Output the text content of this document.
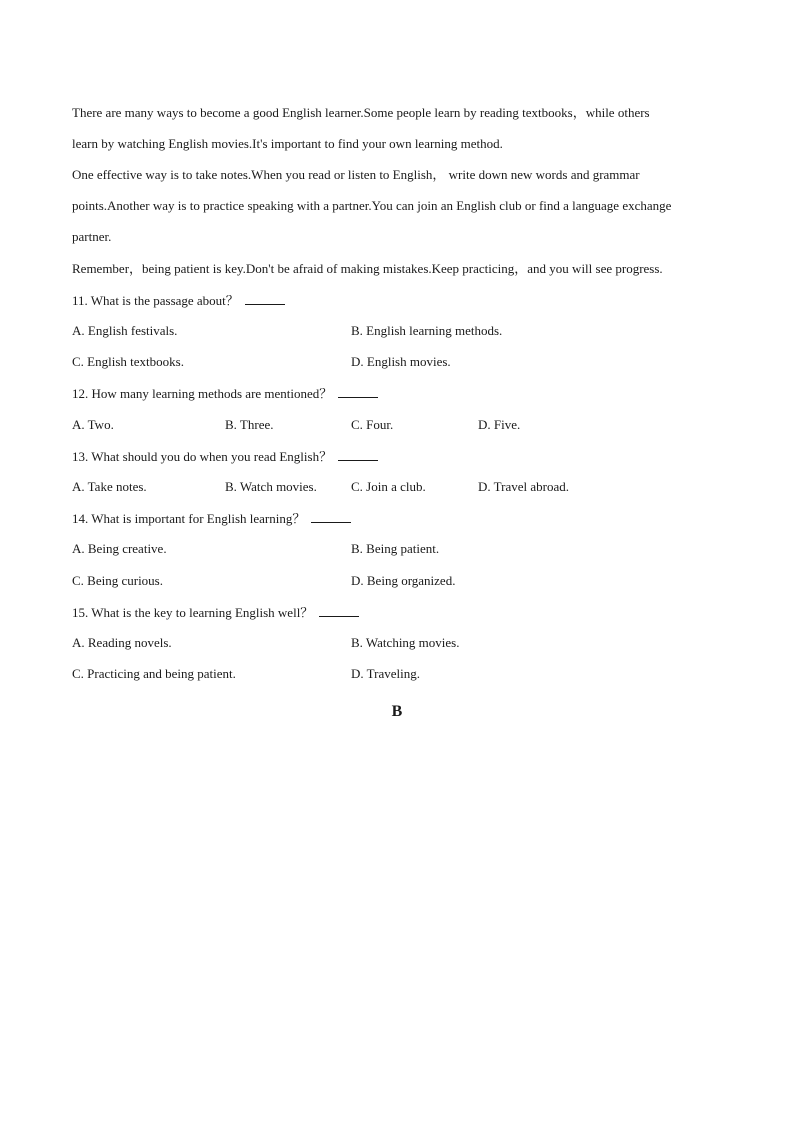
There are many ways to become a good English learner.Some people learn by reading textbooks，while others
learn by watching English movies.It's important to find your own learning method.
One effective way is to take notes.When you read or listen to English， write down new words and grammar
points.Another way is to practice speaking with a partner.You can join an English club or find a language exchange
partner.
Remember，being patient is key.Don't be afraid of making mistakes.Keep practicing，and you will see progress.
11. What is the passage about？
A. English festivals.	B. English learning methods.
C. English textbooks.	D. English movies.
12. How many learning methods are mentioned？
A. Two.	B. Three.	C. Four.	D. Five.
13. What should you do when you read English？
A. Take notes.	B. Watch movies.	C. Join a club.	D. Travel abroad.
14. What is important for English learning？
A. Being creative.	B. Being patient.
C. Being curious.	D. Being organized.
15. What is the key to learning English well？
A. Reading novels.	B. Watching movies.
C. Practicing and being patient.	D. Traveling.
B
